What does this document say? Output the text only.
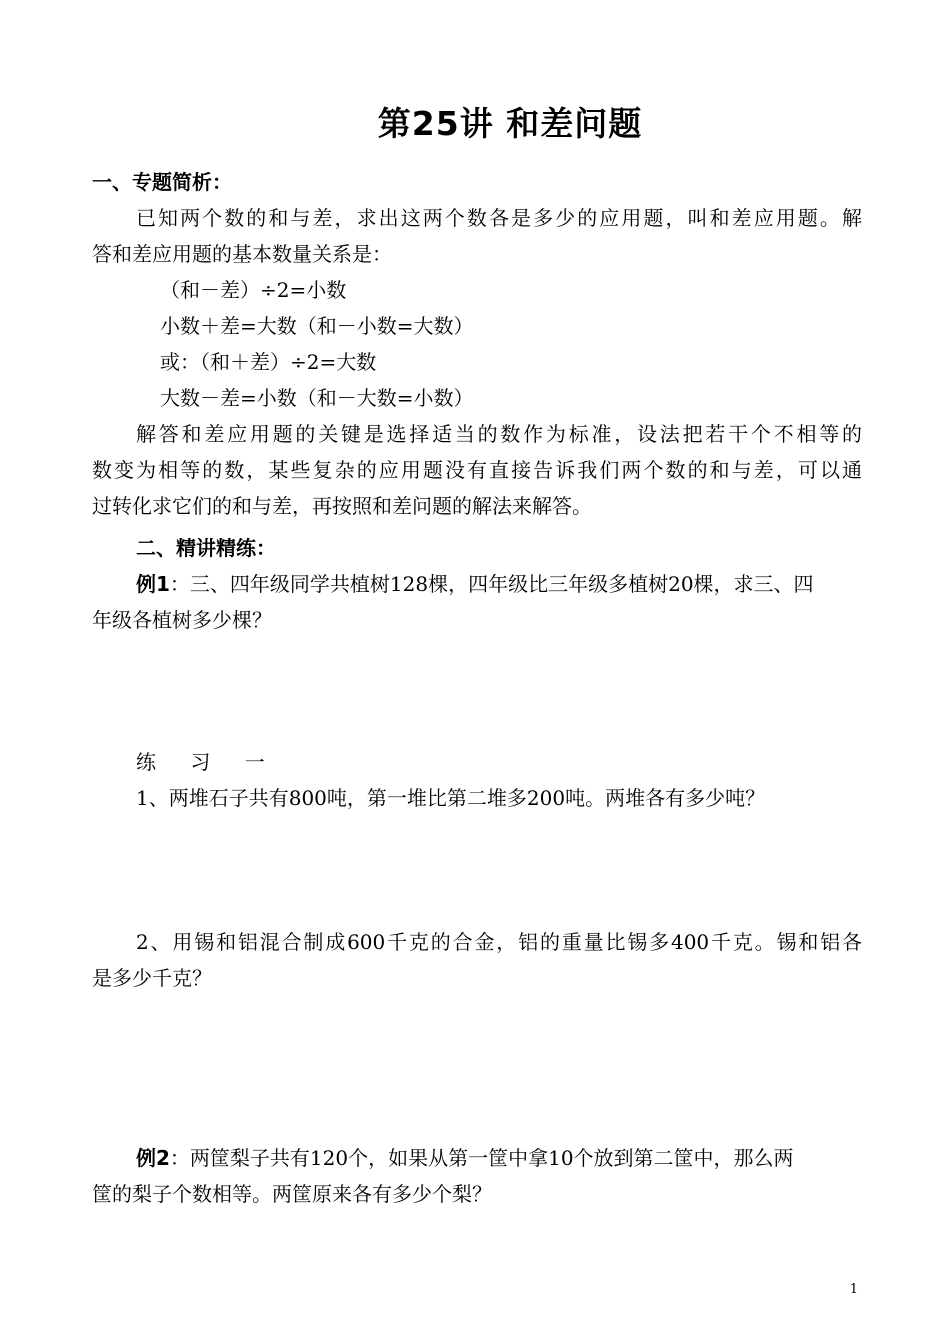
第25讲 和差问题
一、专题简析：
已知两个数的和与差，求出这两个数各是多少的应用题，叫和差应用题。解
答和差应用题的基本数量关系是：
（和－差）÷2=小数
小数＋差=大数（和－小数=大数）
或：（和＋差）÷2=大数
大数－差=小数（和－大数=小数）
解答和差应用题的关键是选择适当的数作为标准，设法把若干个不相等的
数变为相等的数，某些复杂的应用题没有直接告诉我们两个数的和与差，可以通
过转化求它们的和与差，再按照和差问题的解法来解答。
二、精讲精练：
例1：三、四年级同学共植树128棵，四年级比三年级多植树20棵，求三、四
年级各植树多少棵？
练 习 一
1、两堆石子共有800吨，第一堆比第二堆多200吨。两堆各有多少吨？
2、用锡和铝混合制成600千克的合金，铝的重量比锡多400千克。锡和铝各
是多少千克？
例2：两筐梨子共有120个，如果从第一筐中拿10个放到第二筐中，那么两
筐的梨子个数相等。两筐原来各有多少个梨？
1
